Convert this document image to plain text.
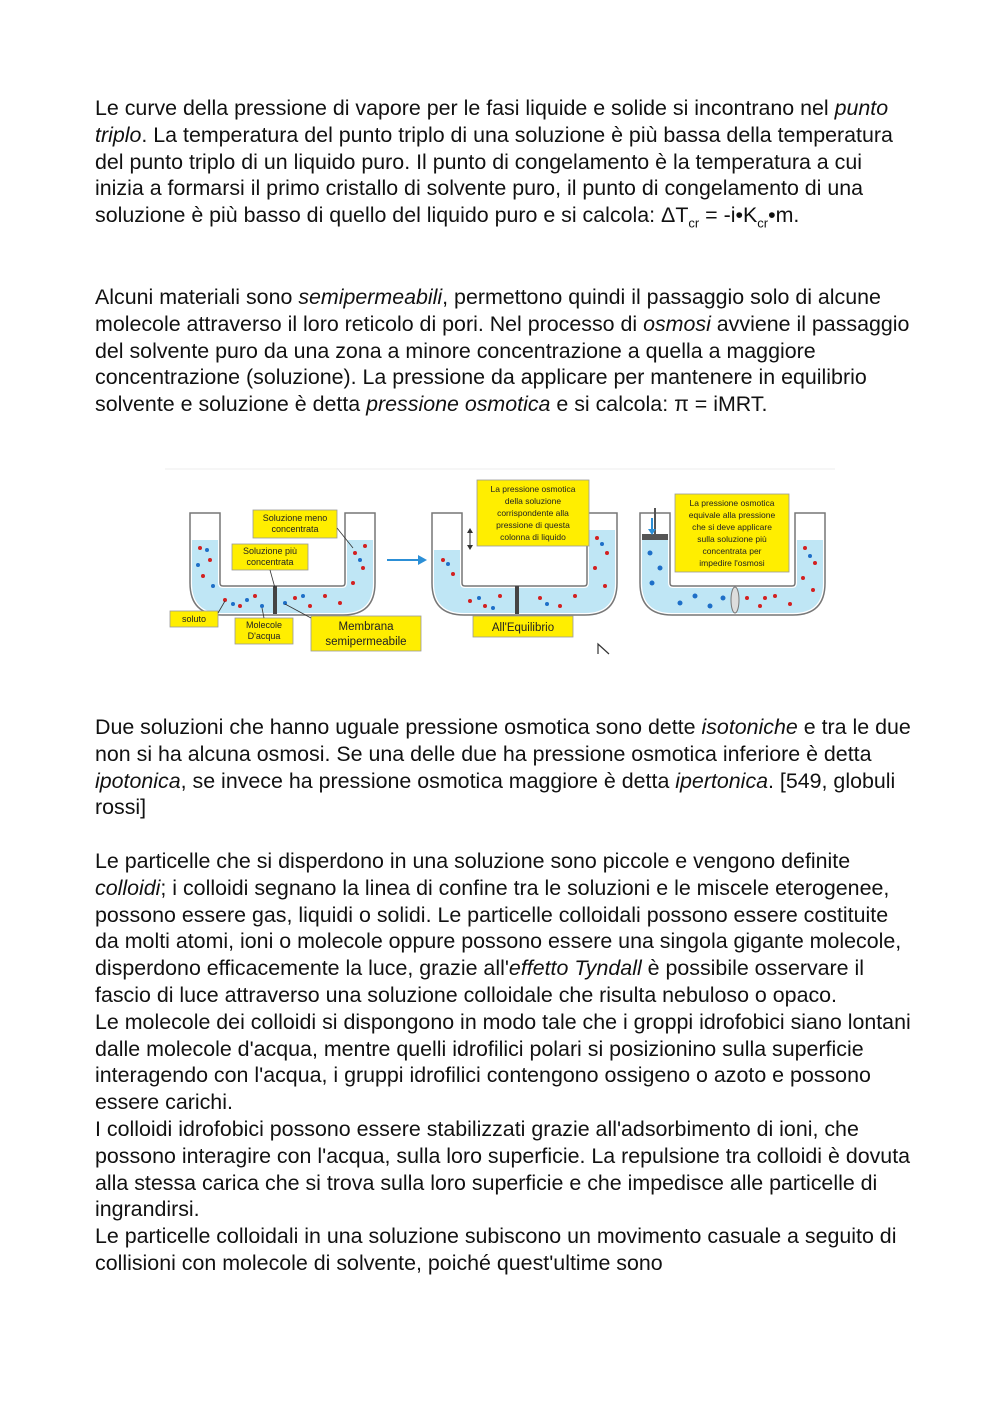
Le curve della pressione di vapore per le fasi liquide e solide si incontrano nel punto triplo. La temperatura del punto triplo di una soluzione è più bassa della temperatura del punto triplo di un liquido puro. Il punto di congelamento è la temperatura a cui inizia a formarsi il primo cristallo di solvente puro, il punto di congelamento di una soluzione è più basso di quello del liquido puro e si calcola: $\Delta T_{cr}$ = $-i•K_{cr}•m$.

Alcuni materiali sono semipermeabili, permettono quindi il passaggio solo di alcune molecole attraverso il loro reticolo di pori. Nel processo di osmosi avviene il passaggio del solvente puro da una zona a minore concentrazione a quella a maggiore concentrazione (soluzione). La pressione da applicare per mantenere in equilibrio solvente e soluzione è detta pressione osmotica e si calcola: π = iMRT.

Soluzione meno
concentrata
Soluzione più
concentrata
soluto
Molecole
D'acqua
Membrana
semipermeabile
La pressione osmotica
della soluzione
corrispondente alla
pressione di questa
colonna di liquido
All'Equilibrio
La pressione osmotica
equivale alla pressione
che si deve applicare
sulla soluzione più
concentrata per
impedire l'osmosi

Due soluzioni che hanno uguale pressione osmotica sono dette isotoniche e tra le due non si ha alcuna osmosi. Se una delle due ha pressione osmotica inferiore è detta ipotonica, se invece ha pressione osmotica maggiore è detta ipertonica. [549, globuli rossi]

Le particelle che si disperdono in una soluzione sono piccole e vengono definite colloidi; i colloidi segnano la linea di confine tra le soluzioni e le miscele eterogenee, possono essere gas, liquidi o solidi. Le particelle colloidali possono essere costituite da molti atomi, ioni o molecole oppure possono essere una singola gigante molecole, disperdono efficacemente la luce, grazie all'effetto Tyndall è possibile osservare il fascio di luce attraverso una soluzione colloidale che risulta nebuloso o opaco.

Le molecole dei colloidi si dispongono in modo tale che i groppi idrofobici siano lontani dalle molecole d'acqua, mentre quelli idrofilici polari si posizionino sulla superficie interagendo con l'acqua, i gruppi idrofilici contengono ossigeno o azoto e possono essere carichi.

I colloidi idrofobici possono essere stabilizzati grazie all'adsorbimento di ioni, che possono interagire con l'acqua, sulla loro superficie. La repulsione tra colloidi è dovuta alla stessa carica che si trova sulla loro superficie e che impedisce alle particelle di ingrandirsi.

Le particelle colloidali in una soluzione subiscono un movimento casuale a seguito di collisioni con molecole di solvente, poiché quest'ultime sono
